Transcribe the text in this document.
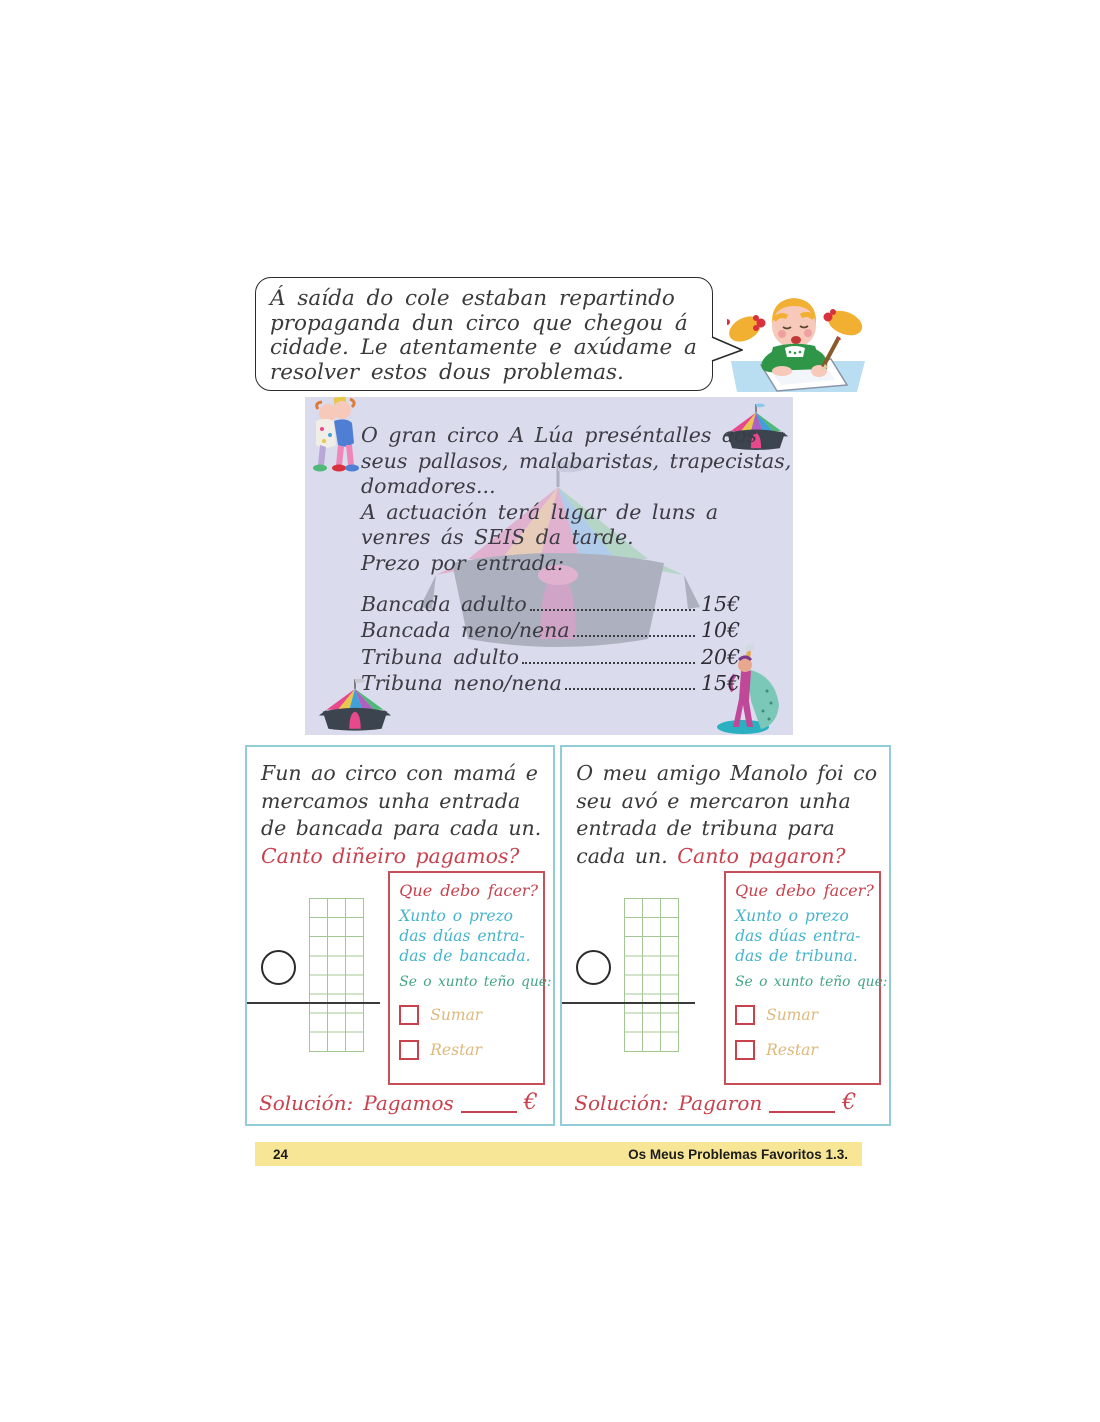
Á saída do cole estaban repartindo
propaganda dun circo que chegou á
cidade. Le atentamente e axúdame a
resolver estos dous problemas.
O gran circo A Lúa preséntalles aos
seus pallasos, malabaristas, trapecistas,
domadores...
A actuación terá lugar de luns a
venres ás SEIS da tarde.
Prezo por entrada:
Bancada adulto	15€
Bancada neno/nena	10€
Tribuna adulto	20€
Tribuna neno/nena	15€
Fun ao circo con mamá e
mercamos unha entrada
de bancada para cada un.
Canto diñeiro pagamos?
Que debo facer?
Xunto o prezo
das dúas entra-
das de bancada.
Se o xunto teño que:
Sumar
Restar
Solución: Pagamos	€
O meu amigo Manolo foi co
seu avó e mercaron unha
entrada de tribuna para
cada un. Canto pagaron?
Que debo facer?
Xunto o prezo
das dúas entra-
das de tribuna.
Se o xunto teño que:
Sumar
Restar
Solución: Pagaron	€
24	Os Meus Problemas Favoritos 1.3.
